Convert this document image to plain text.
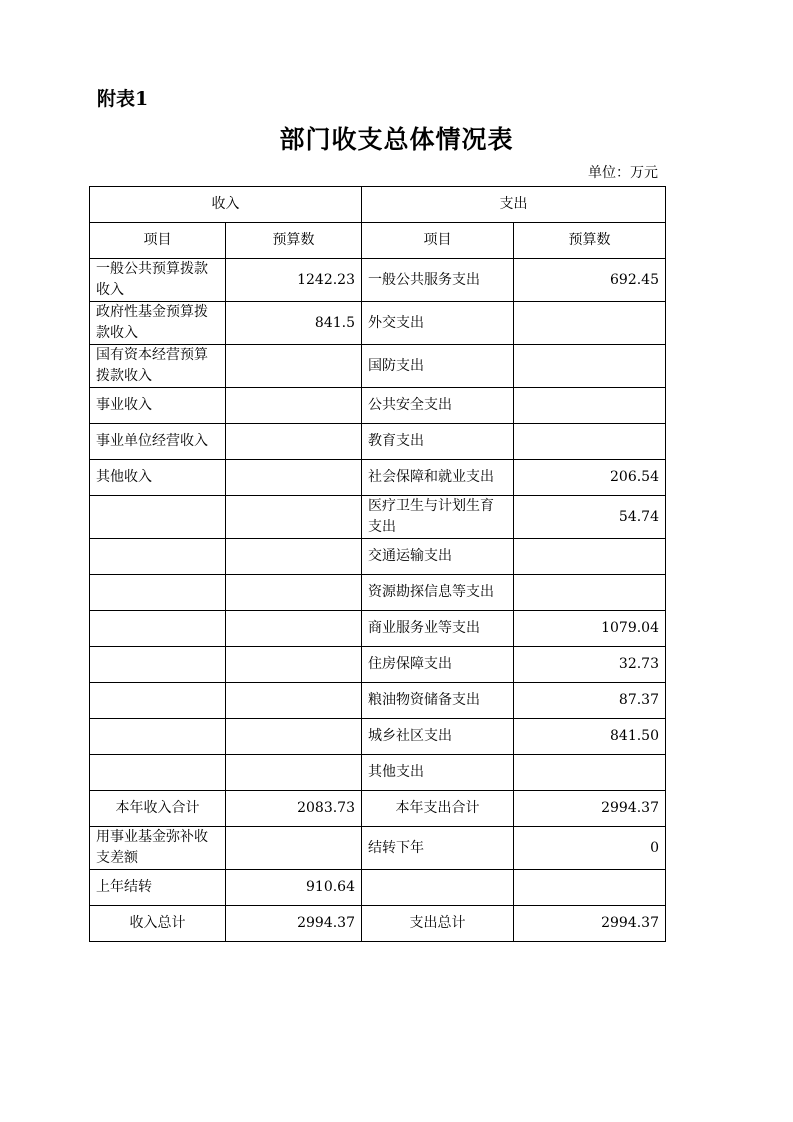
附表1
部门收支总体情况表
单位：万元
收入		支出	
项目	预算数	项目	预算数
一般公共预算拨款收入	1242.23	一般公共服务支出	692.45
政府性基金预算拨款收入	841.5	外交支出	
国有资本经营预算拨款收入		国防支出	
事业收入		公共安全支出	
事业单位经营收入		教育支出	
其他收入		社会保障和就业支出	206.54
		医疗卫生与计划生育支出	54.74
		交通运输支出	
		资源勘探信息等支出	
		商业服务业等支出	1079.04
		住房保障支出	32.73
		粮油物资储备支出	87.37
		城乡社区支出	841.50
		其他支出	
本年收入合计	2083.73	本年支出合计	2994.37
用事业基金弥补收支差额		结转下年	0
上年结转	910.64		
收入总计	2994.37	支出总计	2994.37
